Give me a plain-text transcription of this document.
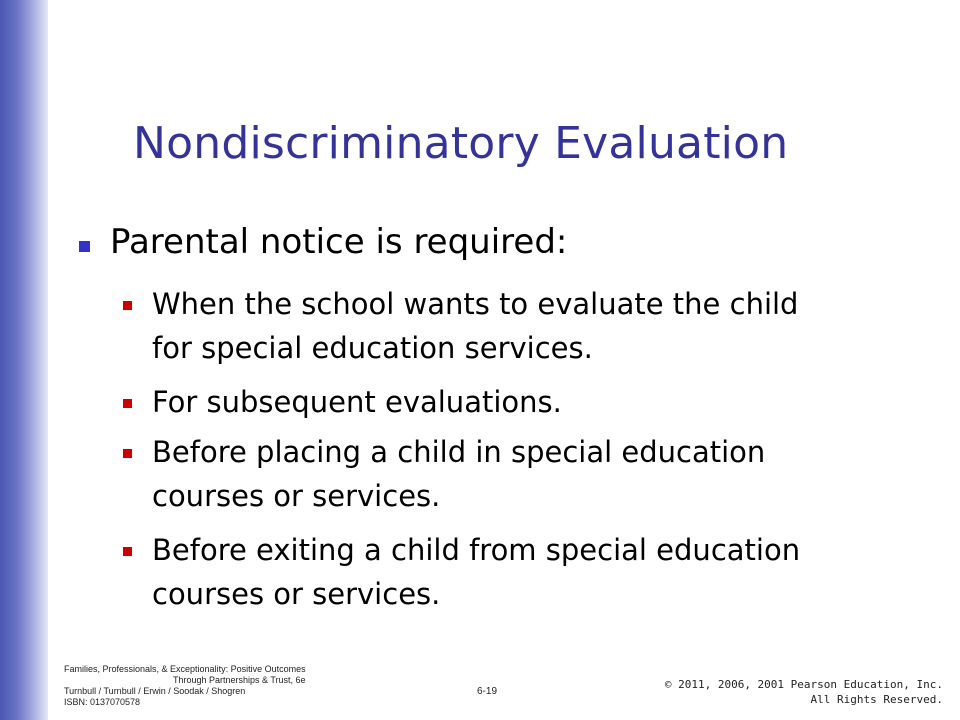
Nondiscriminatory Evaluation
Parental notice is required:
When the school wants to evaluate the child
for special education services.
For subsequent evaluations.
Before placing a child in special education
courses or services.
Before exiting a child from special education
courses or services.
Families, Professionals, & Exceptionality: Positive Outcomes
Through Partnerships & Trust, 6e
Turnbull / Turnbull / Erwin / Soodak / Shogren
ISBN: 0137070578
6-19
© 2011, 2006, 2001 Pearson Education, Inc.
All Rights Reserved.
